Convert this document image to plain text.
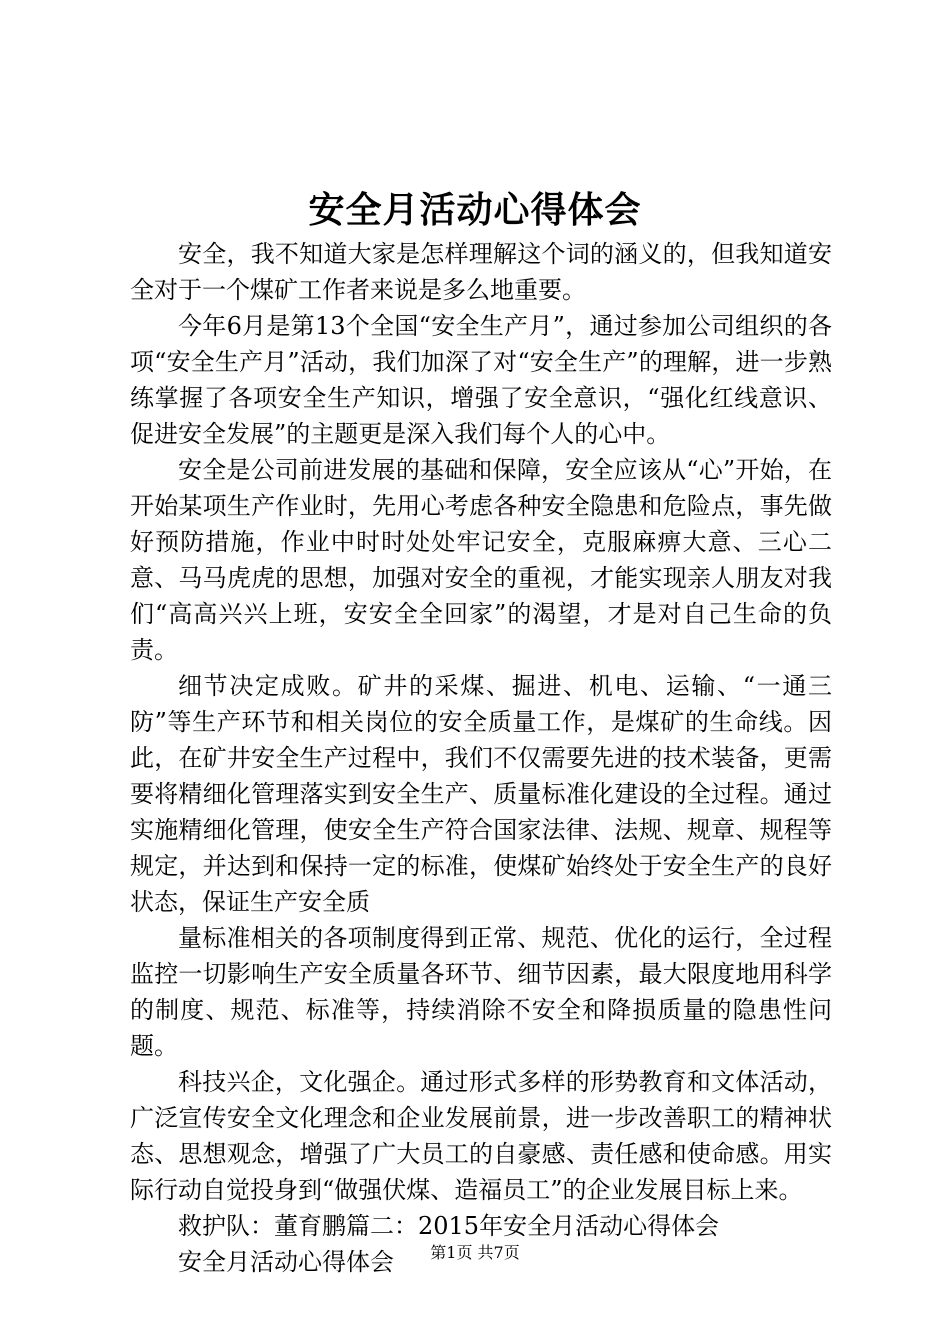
安全月活动心得体会

安全，我不知道大家是怎样理解这个词的涵义的，但我知道安全对于一个煤矿工作者来说是多么地重要。

今年6月是第13个全国“安全生产月”，通过参加公司组织的各项“安全生产月”活动，我们加深了对“安全生产”的理解，进一步熟练掌握了各项安全生产知识，增强了安全意识，“强化红线意识、促进安全发展”的主题更是深入我们每个人的心中。

安全是公司前进发展的基础和保障，安全应该从“心”开始，在开始某项生产作业时，先用心考虑各种安全隐患和危险点，事先做好预防措施，作业中时时处处牢记安全，克服麻痹大意、三心二意、马马虎虎的思想，加强对安全的重视，才能实现亲人朋友对我们“高高兴兴上班，安安全全回家”的渴望，才是对自己生命的负责。

细节决定成败。矿井的采煤、掘进、机电、运输、“一通三防”等生产环节和相关岗位的安全质量工作，是煤矿的生命线。因此，在矿井安全生产过程中，我们不仅需要先进的技术装备，更需要将精细化管理落实到安全生产、质量标准化建设的全过程。通过实施精细化管理，使安全生产符合国家法律、法规、规章、规程等规定，并达到和保持一定的标准，使煤矿始终处于安全生产的良好状态，保证生产安全质

量标准相关的各项制度得到正常、规范、优化的运行，全过程监控一切影响生产安全质量各环节、细节因素，最大限度地用科学的制度、规范、标准等，持续消除不安全和降损质量的隐患性问题。

科技兴企，文化强企。通过形式多样的形势教育和文体活动，广泛宣传安全文化理念和企业发展前景，进一步改善职工的精神状态、思想观念，增强了广大员工的自豪感、责任感和使命感。用实际行动自觉投身到“做强伏煤、造福员工”的企业发展目标上来。

救护队：董育鹏篇二：2015年安全月活动心得体会

安全月活动心得体会	第1页 共7页
